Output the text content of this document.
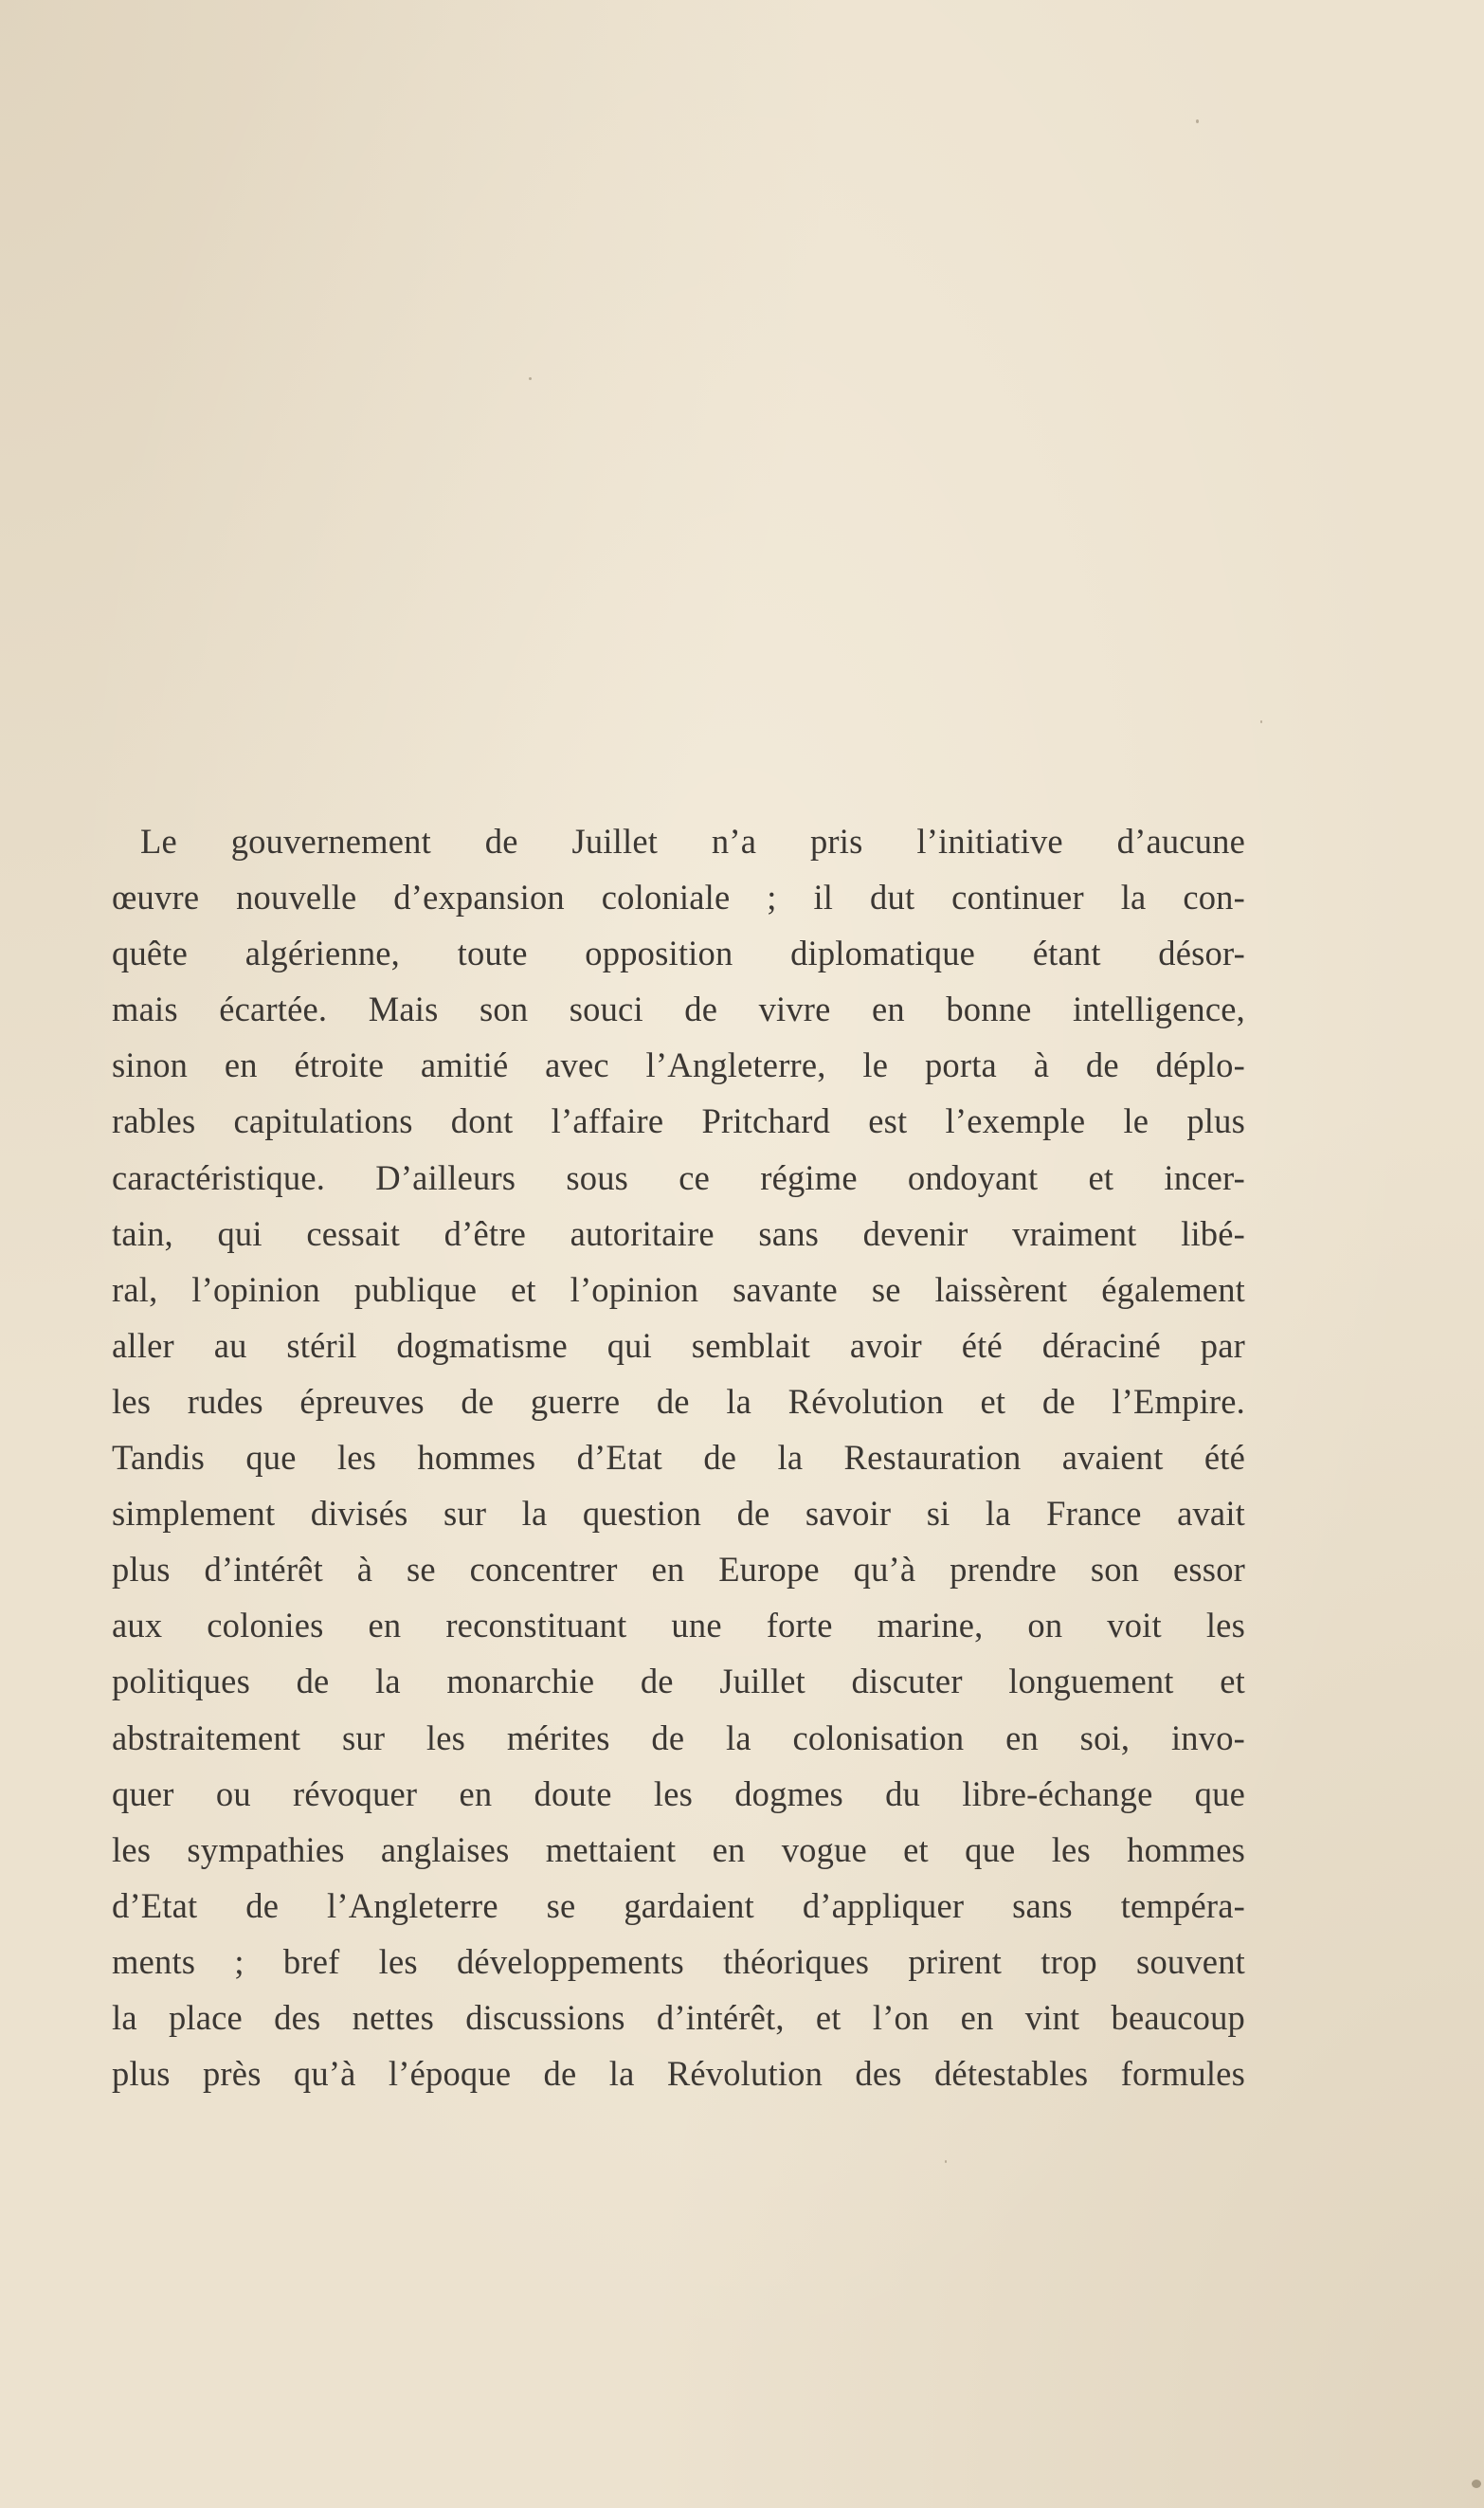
Le gouvernement de Juillet n’a pris l’initiative d’aucune
œuvre nouvelle d’expansion coloniale ; il dut continuer la con-
quête algérienne, toute opposition diplomatique étant désor-
mais écartée. Mais son souci de vivre en bonne intelligence,
sinon en étroite amitié avec l’Angleterre, le porta à de déplo-
rables capitulations dont l’affaire Pritchard est l’exemple le plus
caractéristique. D’ailleurs sous ce régime ondoyant et incer-
tain, qui cessait d’être autoritaire sans devenir vraiment libé-
ral, l’opinion publique et l’opinion savante se laissèrent également
aller au stéril dogmatisme qui semblait avoir été déraciné par
les rudes épreuves de guerre de la Révolution et de l’Empire.
Tandis que les hommes d’Etat de la Restauration avaient été
simplement divisés sur la question de savoir si la France avait
plus d’intérêt à se concentrer en Europe qu’à prendre son essor
aux colonies en reconstituant une forte marine, on voit les
politiques de la monarchie de Juillet discuter longuement et
abstraitement sur les mérites de la colonisation en soi, invo-
quer ou révoquer en doute les dogmes du libre-échange que
les sympathies anglaises mettaient en vogue et que les hommes
d’Etat de l’Angleterre se gardaient d’appliquer sans tempéra-
ments ; bref les développements théoriques prirent trop souvent
la place des nettes discussions d’intérêt, et l’on en vint beaucoup
plus près qu’à l’époque de la Révolution des détestables formules
